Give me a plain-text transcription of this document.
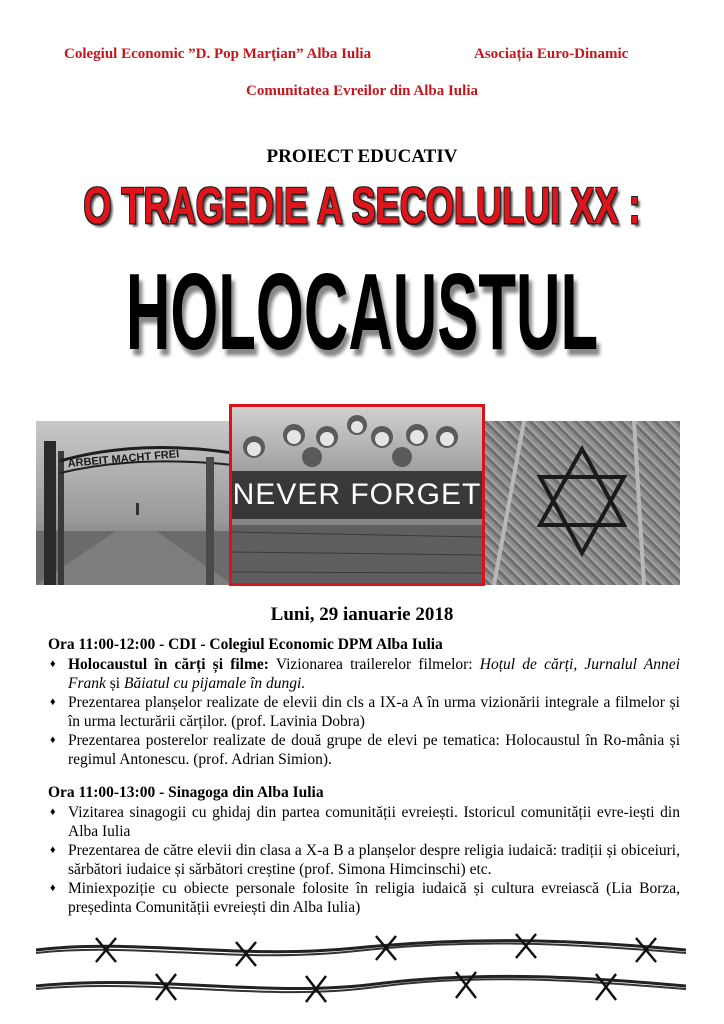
Colegiul Economic ”D. Pop Marțian” Alba Iulia	Asociația Euro-Dinamic
Comunitatea Evreilor din Alba Iulia
PROIECT EDUCATIV
O TRAGEDIE A SECOLULUI XX :
HOLOCAUSTUL
ARBEIT MACHT FREI
NEVER FORGET
Luni, 29 ianuarie 2018
Ora 11:00-12:00 - CDI - Colegiul Economic DPM Alba Iulia
♦ Holocaustul în cărți și filme: Vizionarea trailerelor filmelor: Hoțul de cărți, Jurnalul Annei Frank și Băiatul cu pijamale în dungi.
♦ Prezentarea planșelor realizate de elevii din cls a IX-a A în urma vizionării integrale a filmelor și în urma lecturării cărților. (prof. Lavinia Dobra)
♦ Prezentarea posterelor realizate de două grupe de elevi pe tematica: Holocaustul în Ro-mânia și regimul Antonescu. (prof. Adrian Simion).
Ora 11:00-13:00 - Sinagoga din Alba Iulia
♦ Vizitarea sinagogii cu ghidaj din partea comunității evreiești. Istoricul comunității evre-iești din Alba Iulia
♦ Prezentarea de către elevii din clasa a X-a B a planșelor despre religia iudaică: tradiții și obiceiuri, sărbători iudaice și sărbători creștine (prof. Simona Himcinschi) etc.
♦ Miniexpoziție cu obiecte personale folosite în religia iudaică și cultura evreiască (Lia Borza, președinta Comunității evreiești din Alba Iulia)
